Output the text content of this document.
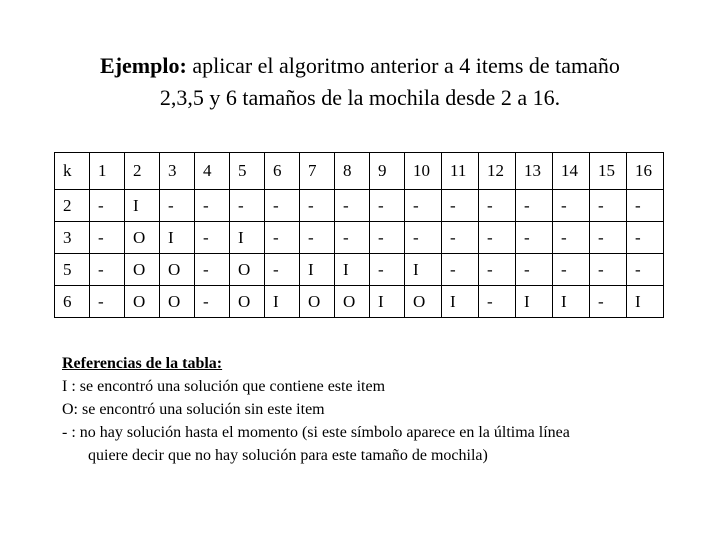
Ejemplo: aplicar el algoritmo anterior a 4 items de tamaño
2,3,5 y 6 tamaños de la mochila desde 2 a 16.
k	1	2	3	4	5	6	7	8	9	10	11	12	13	14	15	16
2	-	I	-	-	-	-	-	-	-	-	-	-	-	-	-	-
3	-	O	I	-	I	-	-	-	-	-	-	-	-	-	-	-
5	-	O	O	-	O	-	I	I	-	I	-	-	-	-	-	-
6	-	O	O	-	O	I	O	O	I	O	I	-	I	I	-	I
Referencias de la tabla:
I : se encontró una solución que contiene este item
O: se encontró una solución sin este item
- : no hay solución hasta el momento (si este símbolo aparece en la última línea
quiere decir que no hay solución para este tamaño de mochila)
